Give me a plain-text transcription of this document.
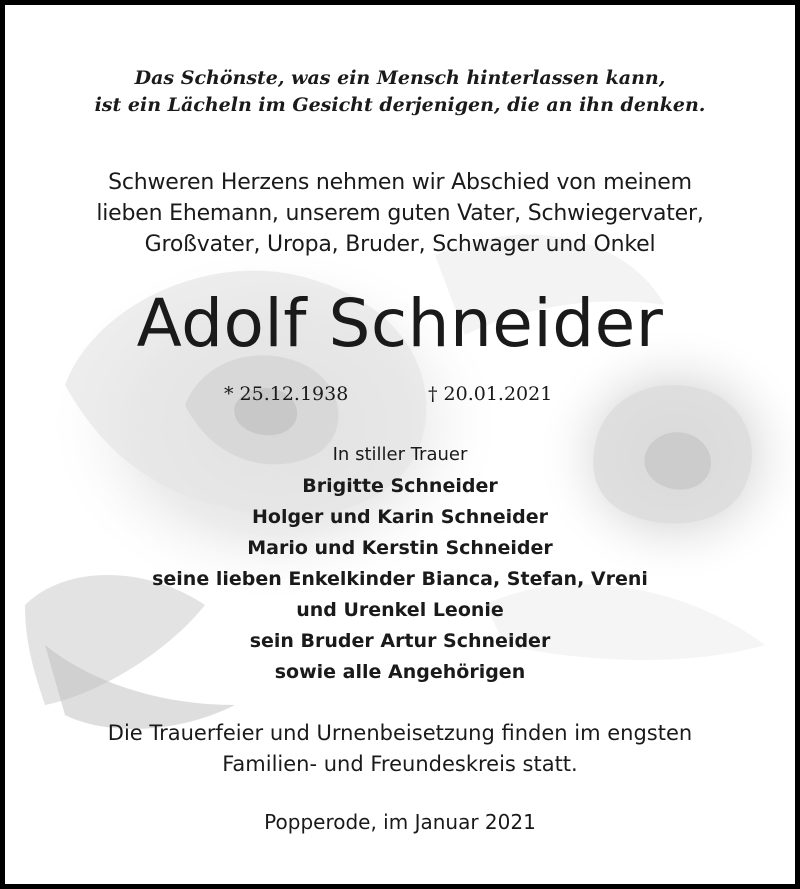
Das Schönste, was ein Mensch hinterlassen kann,
ist ein Lächeln im Gesicht derjenigen, die an ihn denken.
Schweren Herzens nehmen wir Abschied von meinem
lieben Ehemann, unserem guten Vater, Schwiegervater,
Großvater, Uropa, Bruder, Schwager und Onkel
Adolf Schneider
* 25.12.1938	† 20.01.2021
In stiller Trauer
Brigitte Schneider
Holger und Karin Schneider
Mario und Kerstin Schneider
seine lieben Enkelkinder Bianca, Stefan, Vreni
und Urenkel Leonie
sein Bruder Artur Schneider
sowie alle Angehörigen
Die Trauerfeier und Urnenbeisetzung finden im engsten
Familien- und Freundeskreis statt.
Popperode, im Januar 2021
